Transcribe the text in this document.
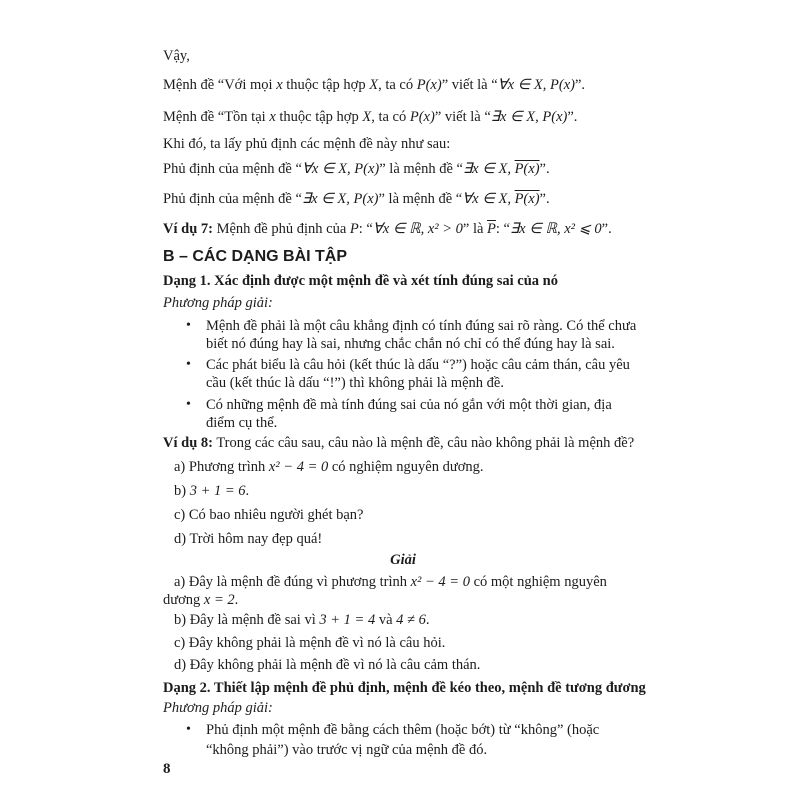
Vậy,
Mệnh đề “Với mọi x thuộc tập hợp X, ta có P(x)” viết là “∀x ∈ X, P(x)”.
Mệnh đề “Tồn tại x thuộc tập hợp X, ta có P(x)” viết là “∃x ∈ X, P(x)”.
Khi đó, ta lấy phủ định các mệnh đề này như sau:
Phủ định của mệnh đề “∀x ∈ X, P(x)” là mệnh đề “∃x ∈ X, P(x)”.
Phủ định của mệnh đề “∃x ∈ X, P(x)” là mệnh đề “∀x ∈ X, P(x)”.
Ví dụ 7: Mệnh đề phủ định của P: “∀x ∈ ℝ, x² > 0” là $\overline{P}$: “∃x ∈ ℝ, x² ⩽ 0”.
B – CÁC DẠNG BÀI TẬP
Dạng 1. Xác định được một mệnh đề và xét tính đúng sai của nó
Phương pháp giải:
• Mệnh đề phải là một câu khẳng định có tính đúng sai rõ ràng. Có thể chưa
biết nó đúng hay là sai, nhưng chắc chắn nó chỉ có thể đúng hay là sai.
• Các phát biểu là câu hỏi (kết thúc là dấu “?”) hoặc câu cảm thán, câu yêu
cầu (kết thúc là dấu “!”) thì không phải là mệnh đề.
• Có những mệnh đề mà tính đúng sai của nó gắn với một thời gian, địa
điểm cụ thể.
Ví dụ 8: Trong các câu sau, câu nào là mệnh đề, câu nào không phải là mệnh đề?
a) Phương trình x² − 4 = 0 có nghiệm nguyên dương.
b) 3 + 1 = 6.
c) Có bao nhiêu người ghét bạn?
d) Trời hôm nay đẹp quá!
Giải
a) Đây là mệnh đề đúng vì phương trình x² − 4 = 0 có một nghiệm nguyên
dương x = 2.
b) Đây là mệnh đề sai vì 3 + 1 = 4 và 4 ≠ 6.
c) Đây không phải là mệnh đề vì nó là câu hỏi.
d) Đây không phải là mệnh đề vì nó là câu cảm thán.
Dạng 2. Thiết lập mệnh đề phủ định, mệnh đề kéo theo, mệnh đề tương đương
Phương pháp giải:
• Phủ định một mệnh đề bằng cách thêm (hoặc bớt) từ “không” (hoặc
“không phải”) vào trước vị ngữ của mệnh đề đó.
8
